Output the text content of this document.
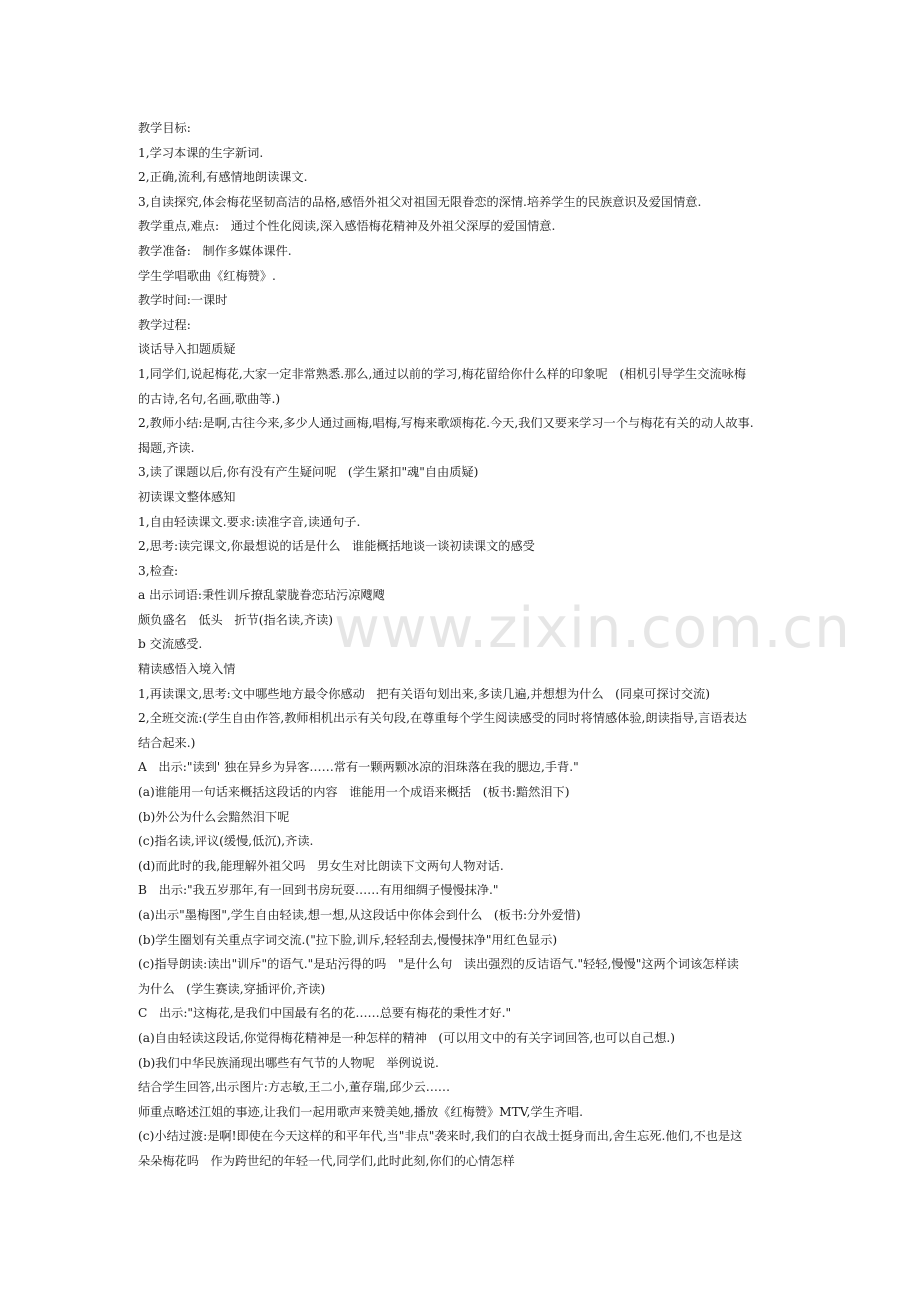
www.zixin.com.cn
教学目标:
1,学习本课的生字新词.
2,正确,流利,有感情地朗读课文.
3,自读探究,体会梅花坚韧高洁的品格,感悟外祖父对祖国无限眷恋的深情.培养学生的民族意识及爱国情意.
教学重点,难点:   通过个性化阅读,深入感悟梅花精神及外祖父深厚的爱国情意.
教学准备:   制作多媒体课件.
学生学唱歌曲《红梅赞》.
教学时间:一课时
教学过程:
谈话导入扣题质疑
1,同学们,说起梅花,大家一定非常熟悉.那么,通过以前的学习,梅花留给你什么样的印象呢   (相机引导学生交流咏梅
的古诗,名句,名画,歌曲等.)
2,教师小结:是啊,古往今来,多少人通过画梅,唱梅,写梅来歌颂梅花.今天,我们又要来学习一个与梅花有关的动人故事.
揭题,齐读.
3,读了课题以后,你有没有产生疑问呢   (学生紧扣"魂"自由质疑)
初读课文整体感知
1,自由轻读课文.要求:读准字音,读通句子.
2,思考:读完课文,你最想说的话是什么   谁能概括地谈一谈初读课文的感受
3,检查:
a 出示词语:秉性训斥撩乱蒙胧眷恋玷污凉飕飕
颇负盛名   低头   折节(指名读,齐读)
b 交流感受.
精读感悟入境入情
1,再读课文,思考:文中哪些地方最令你感动   把有关语句划出来,多读几遍,并想想为什么   (同桌可探讨交流)
2,全班交流:(学生自由作答,教师相机出示有关句段,在尊重每个学生阅读感受的同时将情感体验,朗读指导,言语表达
结合起来.)
A   出示:"读到' 独在异乡为异客……常有一颗两颗冰凉的泪珠落在我的腮边,手背."
(a)谁能用一句话来概括这段话的内容   谁能用一个成语来概括   (板书:黯然泪下)
(b)外公为什么会黯然泪下呢
(c)指名读,评议(缓慢,低沉),齐读.
(d)而此时的我,能理解外祖父吗   男女生对比朗读下文两句人物对话.
B   出示:"我五岁那年,有一回到书房玩耍……有用细绸子慢慢抹净."
(a)出示"墨梅图",学生自由轻读,想一想,从这段话中你体会到什么   (板书:分外爱惜)
(b)学生圈划有关重点字词交流.("拉下脸,训斥,轻轻刮去,慢慢抹净"用红色显示)
(c)指导朗读:读出"训斥"的语气."是玷污得的吗   "是什么句   读出强烈的反诘语气."轻轻,慢慢"这两个词该怎样读
为什么   (学生赛读,穿插评价,齐读)
C   出示:"这梅花,是我们中国最有名的花……总要有梅花的秉性才好."
(a)自由轻读这段话,你觉得梅花精神是一种怎样的精神   (可以用文中的有关字词回答,也可以自己想.)
(b)我们中华民族涌现出哪些有气节的人物呢   举例说说.
结合学生回答,出示图片:方志敏,王二小,董存瑞,邱少云……
师重点略述江姐的事迹,让我们一起用歌声来赞美她,播放《红梅赞》MTV,学生齐唱.
(c)小结过渡:是啊!即使在今天这样的和平年代,当"非点"袭来时,我们的白衣战士挺身而出,舍生忘死.他们,不也是这
朵朵梅花吗   作为跨世纪的年轻一代,同学们,此时此刻,你们的心情怎样
